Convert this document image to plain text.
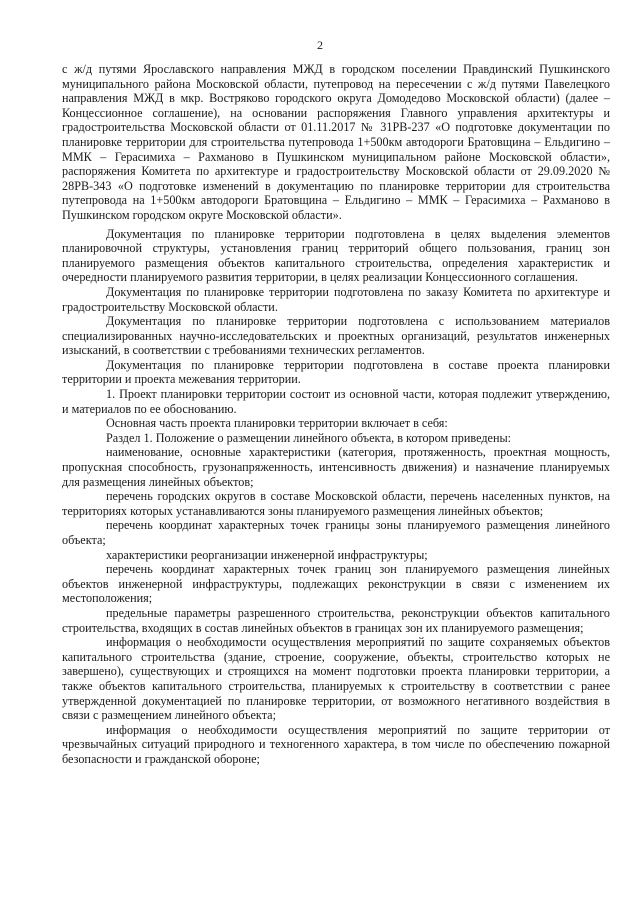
2

с ж/д путями Ярославского направления МЖД в городском поселении Правдинский Пушкинского муниципального района Московской области, путепровод на пересечении с ж/д путями Павелецкого направления МЖД в мкр. Востряково городского округа Домодедово Московской области) (далее – Концессионное соглашение), на основании распоряжения Главного управления архитектуры и градостроительства Московской области от 01.11.2017 № 31РВ-237 «О подготовке документации по планировке территории для строительства путепровода 1+500км автодороги Братовщина – Ельдигино – ММК – Герасимиха – Рахманово в Пушкинском муниципальном районе Московской области», распоряжения Комитета по архитектуре и градостроительству Московской области от 29.09.2020 № 28РВ-343 «О подготовке изменений в документацию по планировке территории для строительства путепровода на 1+500км автодороги Братовщина – Ельдигино – ММК – Герасимиха – Рахманово в Пушкинском городском округе Московской области».

Документация по планировке территории подготовлена в целях выделения элементов планировочной структуры, установления границ территорий общего пользования, границ зон планируемого размещения объектов капитального строительства, определения характеристик и очередности планируемого развития территории, в целях реализации Концессионного соглашения.

Документация по планировке территории подготовлена по заказу Комитета по архитектуре и градостроительству Московской области.

Документация по планировке территории подготовлена с использованием материалов специализированных научно-исследовательских и проектных организаций, результатов инженерных изысканий, в соответствии с требованиями технических регламентов.

Документация по планировке территории подготовлена в составе проекта планировки территории и проекта межевания территории.

1. Проект планировки территории состоит из основной части, которая подлежит утверждению, и материалов по ее обоснованию.

Основная часть проекта планировки территории включает в себя:

Раздел 1. Положение о размещении линейного объекта, в котором приведены:

наименование, основные характеристики (категория, протяженность, проектная мощность, пропускная способность, грузонапряженность, интенсивность движения) и назначение планируемых для размещения линейных объектов;

перечень городских округов в составе Московской области, перечень населенных пунктов, на территориях которых устанавливаются зоны планируемого размещения линейных объектов;

перечень координат характерных точек границы зоны планируемого размещения линейного объекта;

характеристики реорганизации инженерной инфраструктуры;

перечень координат характерных точек границ зон планируемого размещения линейных объектов инженерной инфраструктуры, подлежащих реконструкции в связи с изменением их местоположения;

предельные параметры разрешенного строительства, реконструкции объектов капитального строительства, входящих в состав линейных объектов в границах зон их планируемого размещения;

информация о необходимости осуществления мероприятий по защите сохраняемых объектов капитального строительства (здание, строение, сооружение, объекты, строительство которых не завершено), существующих и строящихся на момент подготовки проекта планировки территории, а также объектов капитального строительства, планируемых к строительству в соответствии с ранее утвержденной документацией по планировке территории, от возможного негативного воздействия в связи с размещением линейного объекта;

информация о необходимости осуществления мероприятий по защите территории от чрезвычайных ситуаций природного и техногенного характера, в том числе по обеспечению пожарной безопасности и гражданской обороне;
